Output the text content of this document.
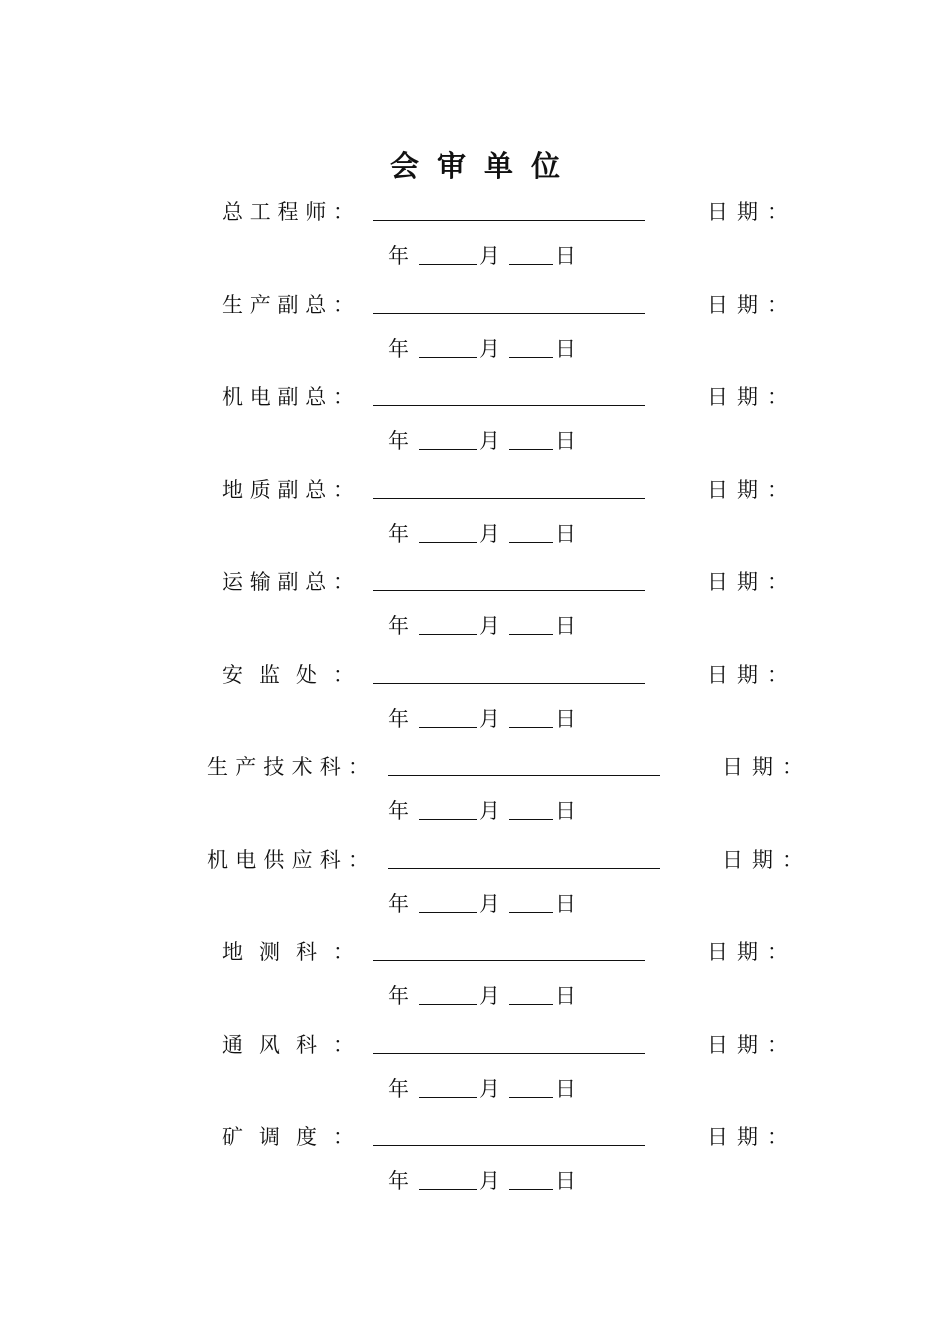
会审单位
总工程师：	日期：
年	月	日
生产副总：	日期：
年	月	日
机电副总：	日期：
年	月	日
地质副总：	日期：
年	月	日
运输副总：	日期：
年	月	日
安监处：	日期：
年	月	日
生产技术科：	日期：
年	月	日
机电供应科：	日期：
年	月	日
地测科：	日期：
年	月	日
通风科：	日期：
年	月	日
矿调度：	日期：
年	月	日
